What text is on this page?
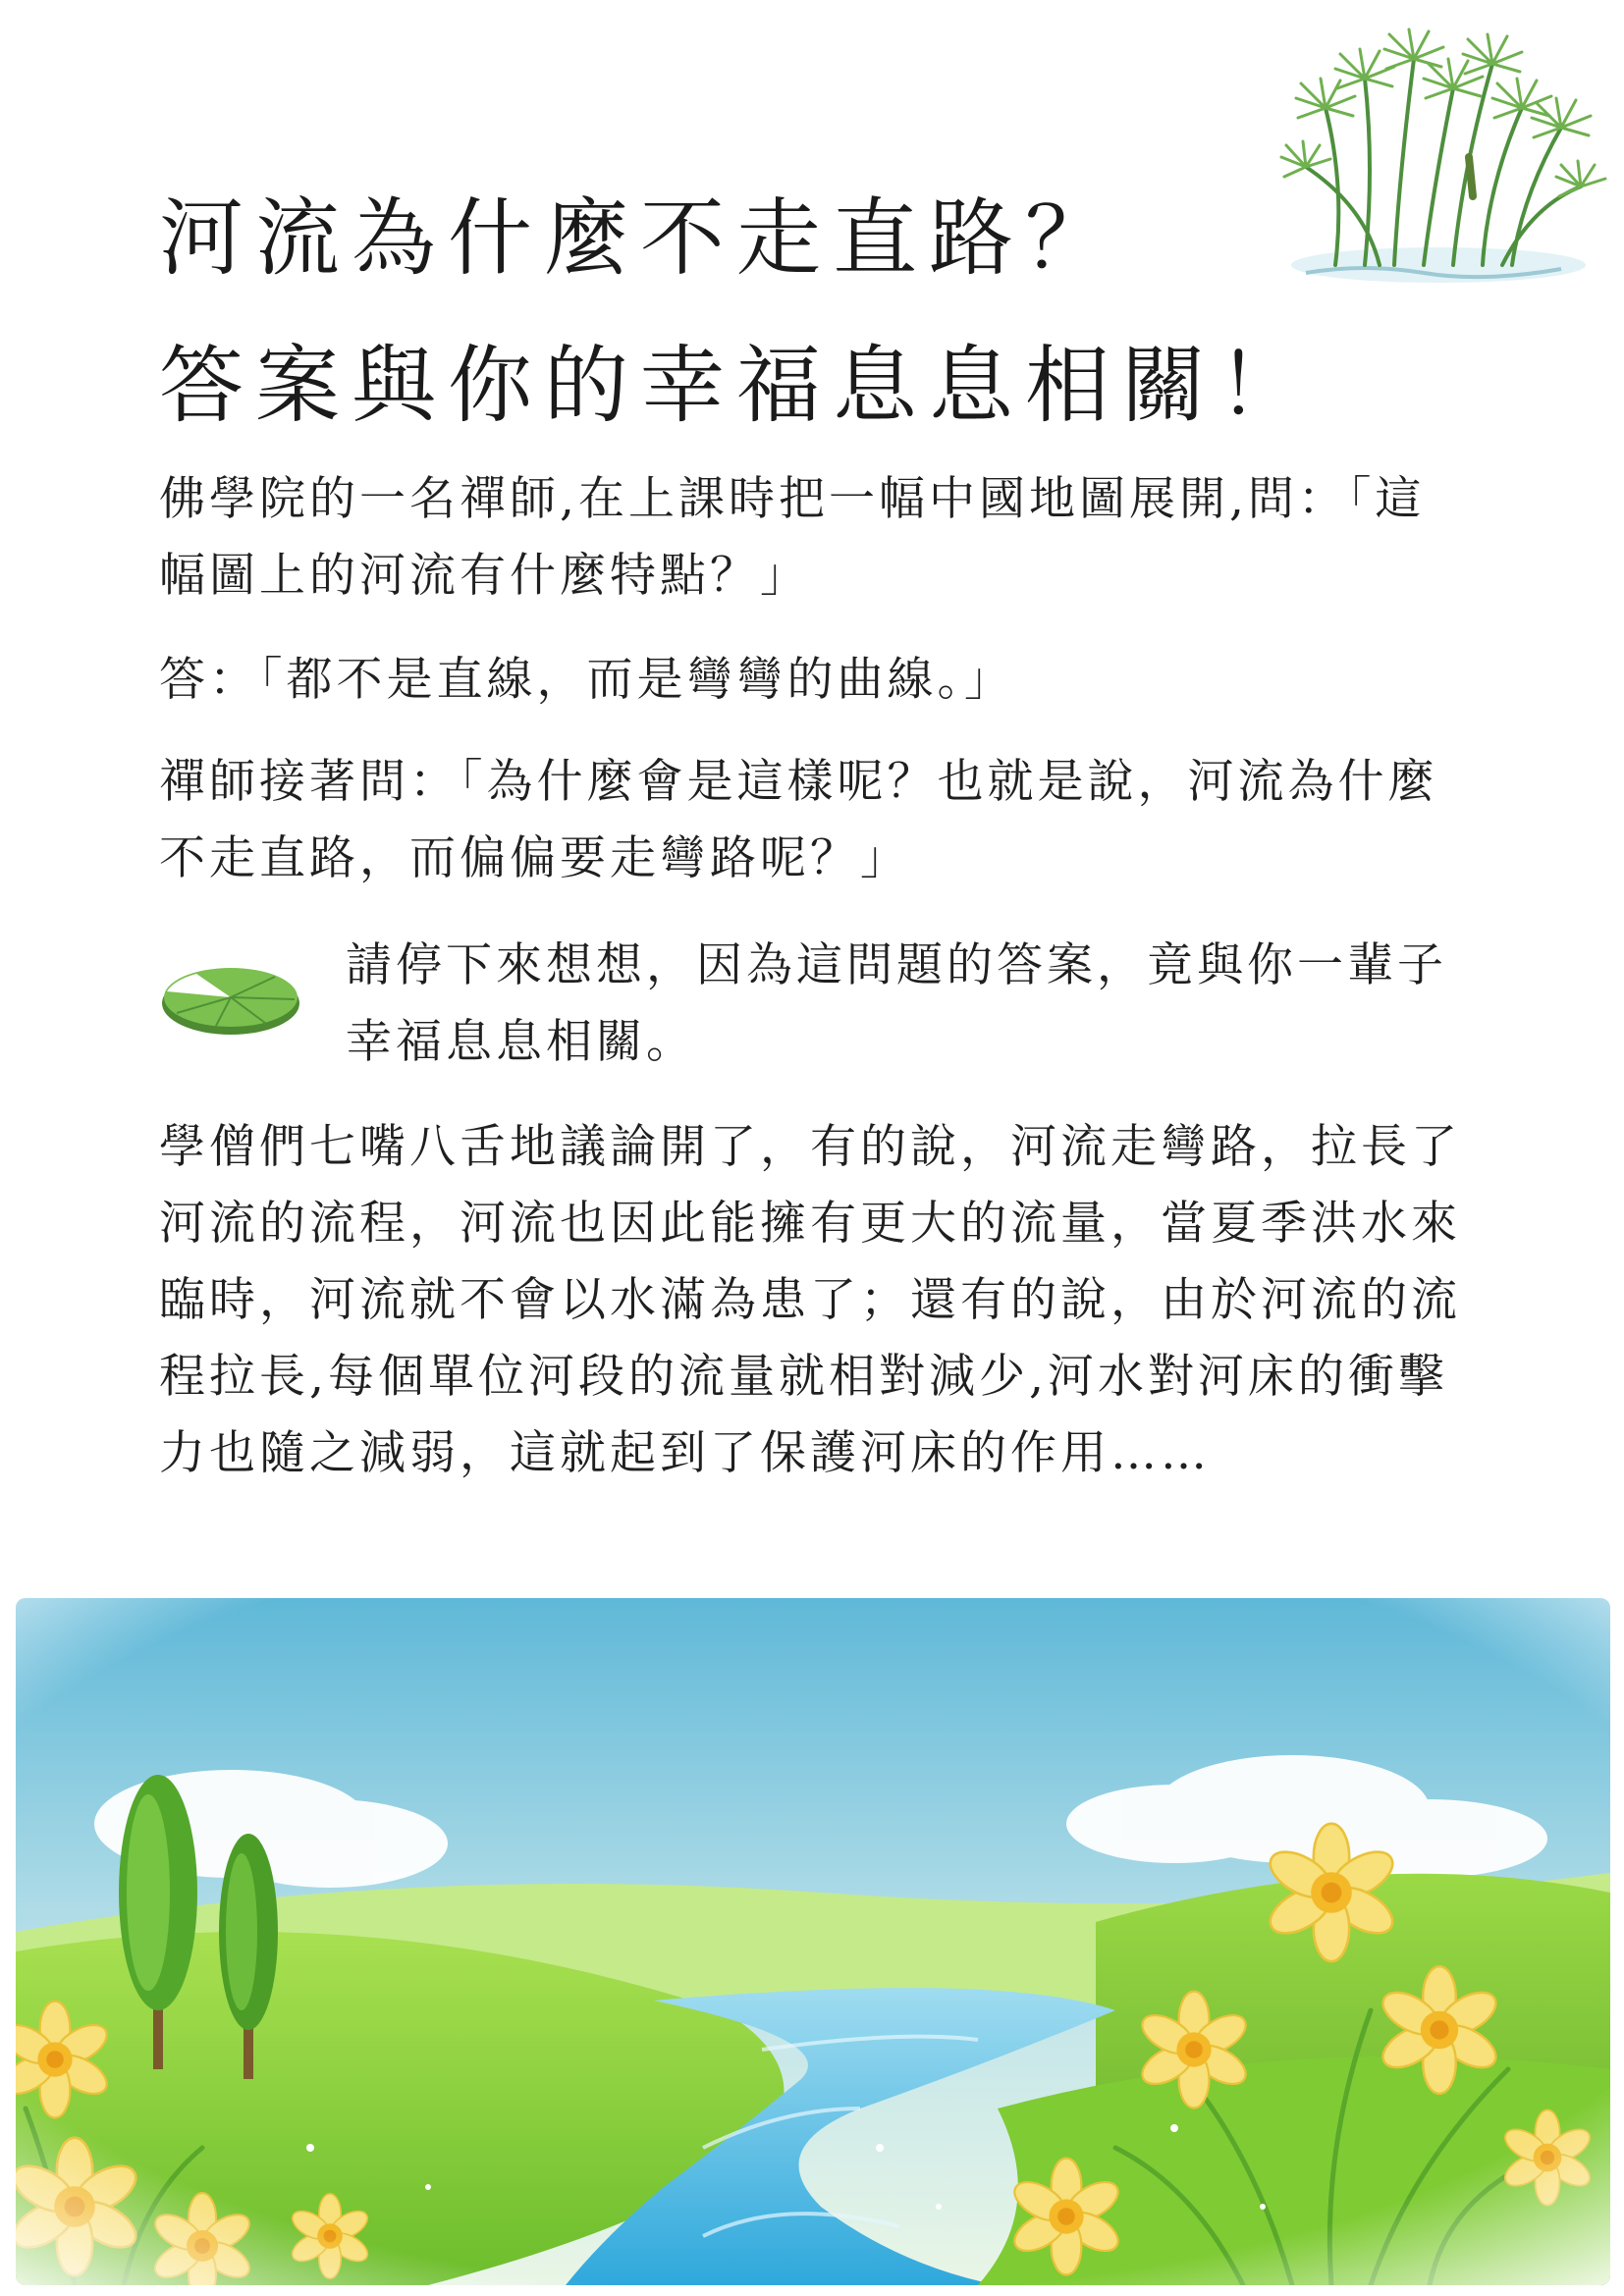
河流為什麼不走直路？
答案與你的幸福息息相關！

佛學院的一名禪師,在上課時把一幅中國地圖展開,問：「這幅圖上的河流有什麼特點？」

答：「都不是直線，而是彎彎的曲線。」

禪師接著問：「為什麼會是這樣呢？也就是說，河流為什麼不走直路，而偏偏要走彎路呢？」

請停下來想想，因為這問題的答案，竟與你一輩子幸福息息相關。

學僧們七嘴八舌地議論開了，有的說，河流走彎路，拉長了河流的流程，河流也因此能擁有更大的流量，當夏季洪水來臨時，河流就不會以水滿為患了；還有的說，由於河流的流程拉長,每個單位河段的流量就相對減少,河水對河床的衝擊力也隨之減弱，這就起到了保護河床的作用……
